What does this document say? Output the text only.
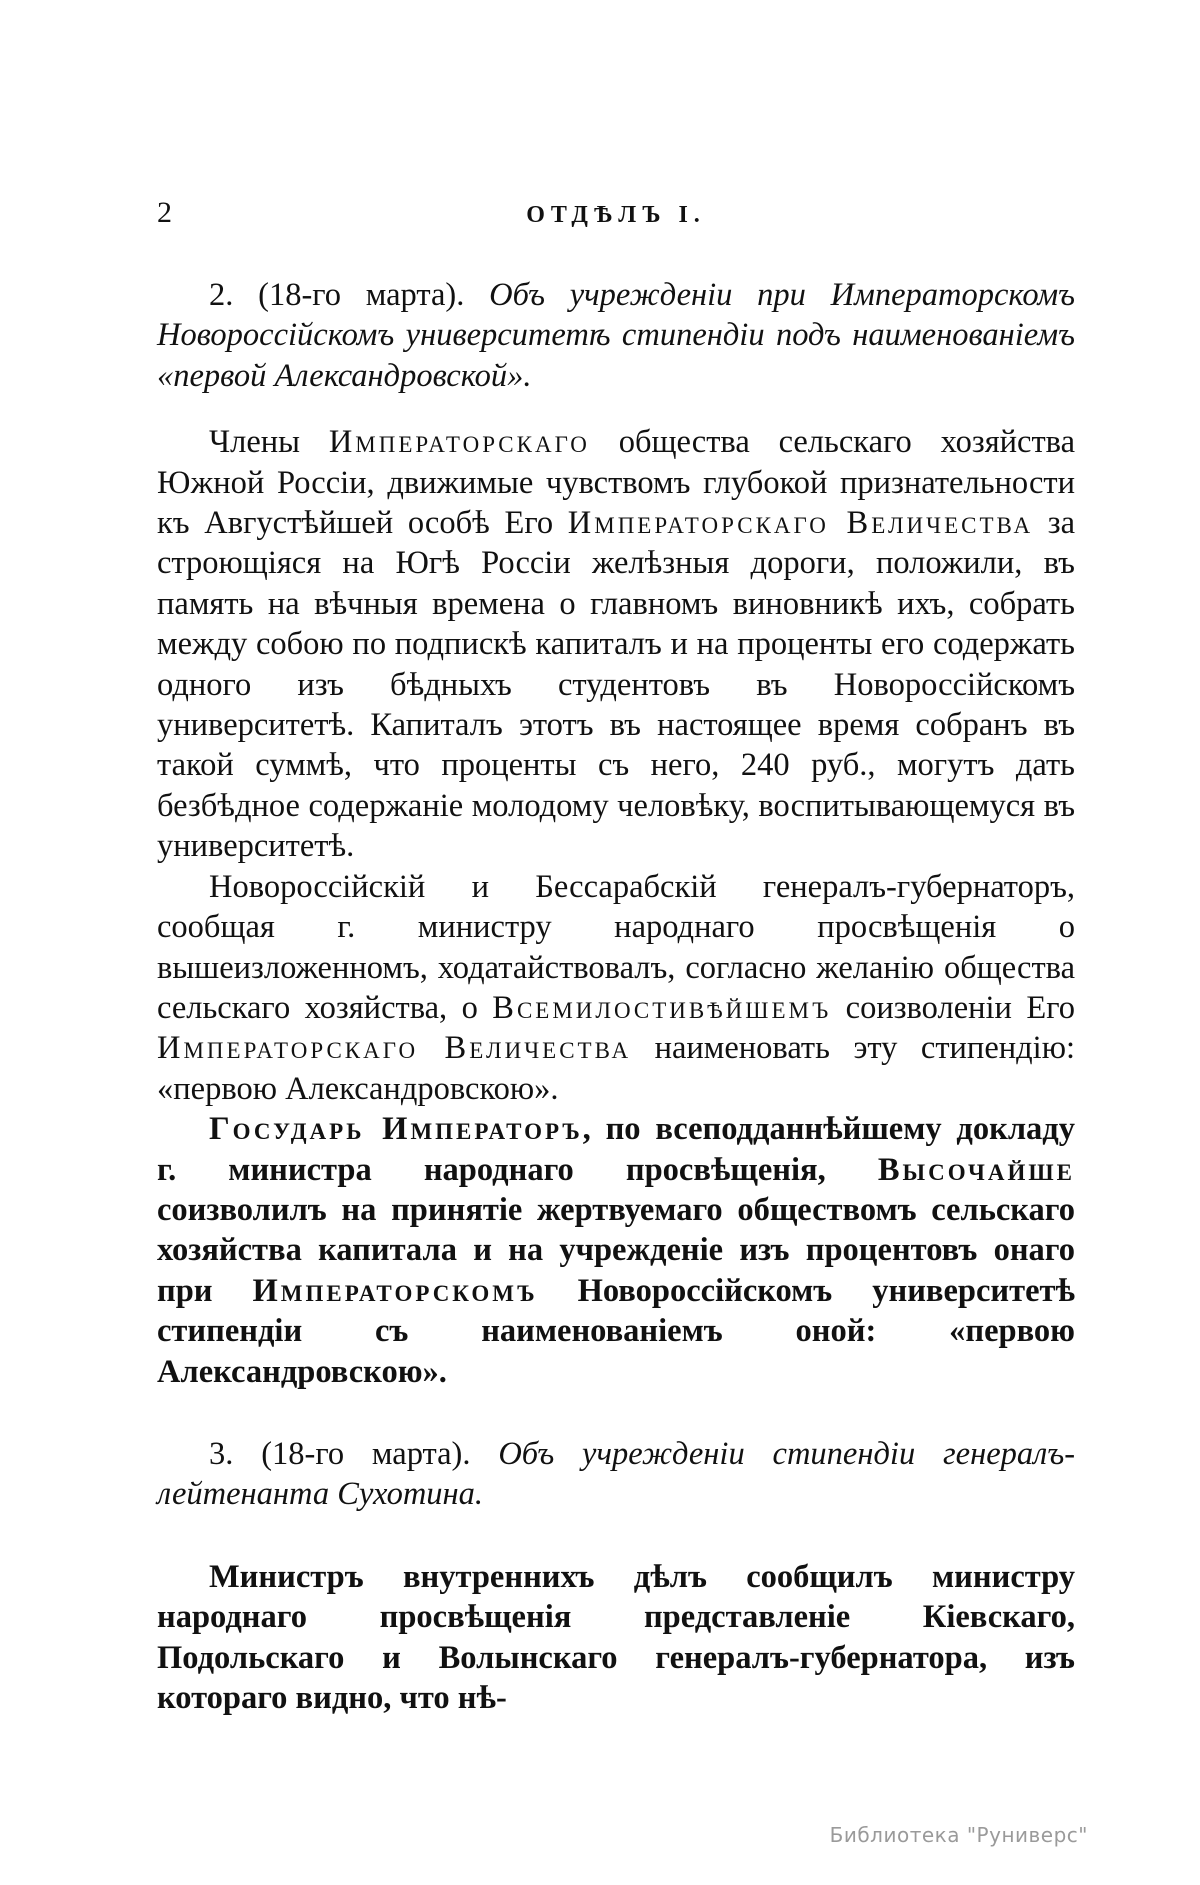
2	ОТДѢЛЪ I.

2. (18-го марта). Объ учрежденіи при Императорскомъ Новороссійскомъ университетѣ стипендіи подъ наименованіемъ «первой Александровской».

Члены Императорскаго общества сельскаго хозяйства Южной Россіи, движимые чувствомъ глубокой признательности къ Августѣйшей особѣ Его Императорскаго Величества за строющіяся на Югѣ Россіи желѣзныя дороги, положили, въ память на вѣчныя времена о главномъ виновникѣ ихъ, собрать между собою по подпискѣ капиталъ и на проценты его содержать одного изъ бѣдныхъ студентовъ въ Новороссійскомъ университетѣ. Капиталъ этотъ въ настоящее время собранъ въ такой суммѣ, что проценты съ него, 240 руб., могутъ дать безбѣдное содержаніе молодому человѣку, воспитывающемуся въ университетѣ.

Новороссійскій и Бессарабскій генералъ-губернаторъ, сообщая г. министру народнаго просвѣщенія о вышеизложенномъ, ходатайствовалъ, согласно желанію общества сельскаго хозяйства, о Всемилостивѣйшемъ соизволеніи Его Императорскаго Величества наименовать эту стипендію: «первою Александровскою».

Государь Императоръ, по всеподданнѣйшему докладу г. министра народнаго просвѣщенія, Высочайше соизволилъ на принятіе жертвуемаго обществомъ сельскаго хозяйства капитала и на учрежденіе изъ процентовъ онаго при Императорскомъ Новороссійскомъ университетѣ стипендіи съ наименованіемъ оной: «первою Александровскою».

3. (18-го марта). Объ учрежденіи стипендіи генералъ-лейтенанта Сухотина.

Министръ внутреннихъ дѣлъ сообщилъ министру народнаго просвѣщенія представленіе Кіевскаго, Подольскаго и Волынскаго генералъ-губернатора, изъ котораго видно, что нѣ-

Библиотека "Руниверс"
